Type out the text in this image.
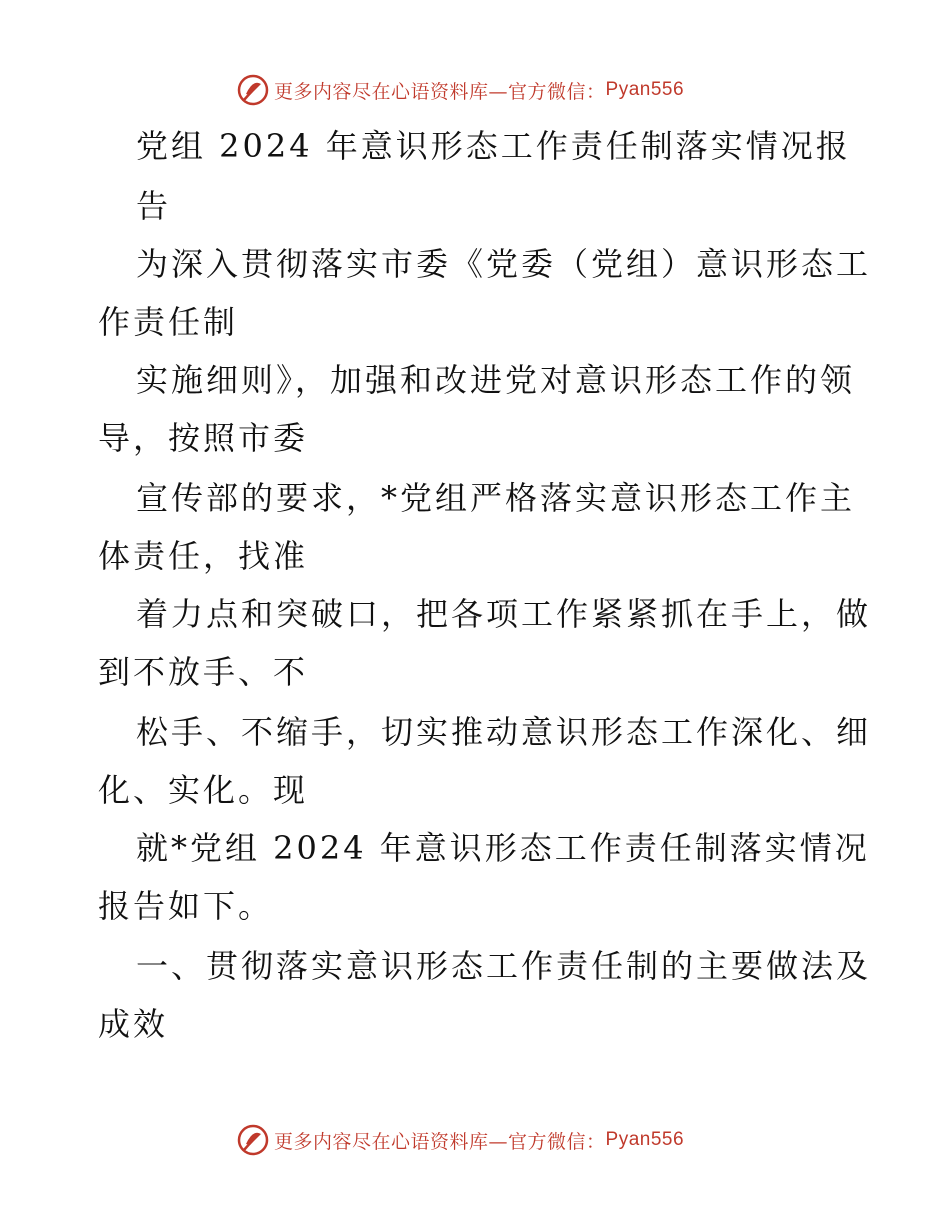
更多内容尽在心语资料库—官方微信： Pyan556
党组 2024 年意识形态工作责任制落实情况报
告
为深入贯彻落实市委《党委（党组）意识形态工
作责任制
实施细则》，加强和改进党对意识形态工作的领
导，按照市委
宣传部的要求，*党组严格落实意识形态工作主
体责任，找准
着力点和突破口，把各项工作紧紧抓在手上，做
到不放手、不
松手、不缩手，切实推动意识形态工作深化、细
化、实化。现
就*党组 2024 年意识形态工作责任制落实情况
报告如下。
一、贯彻落实意识形态工作责任制的主要做法及
成效
更多内容尽在心语资料库—官方微信： Pyan556
